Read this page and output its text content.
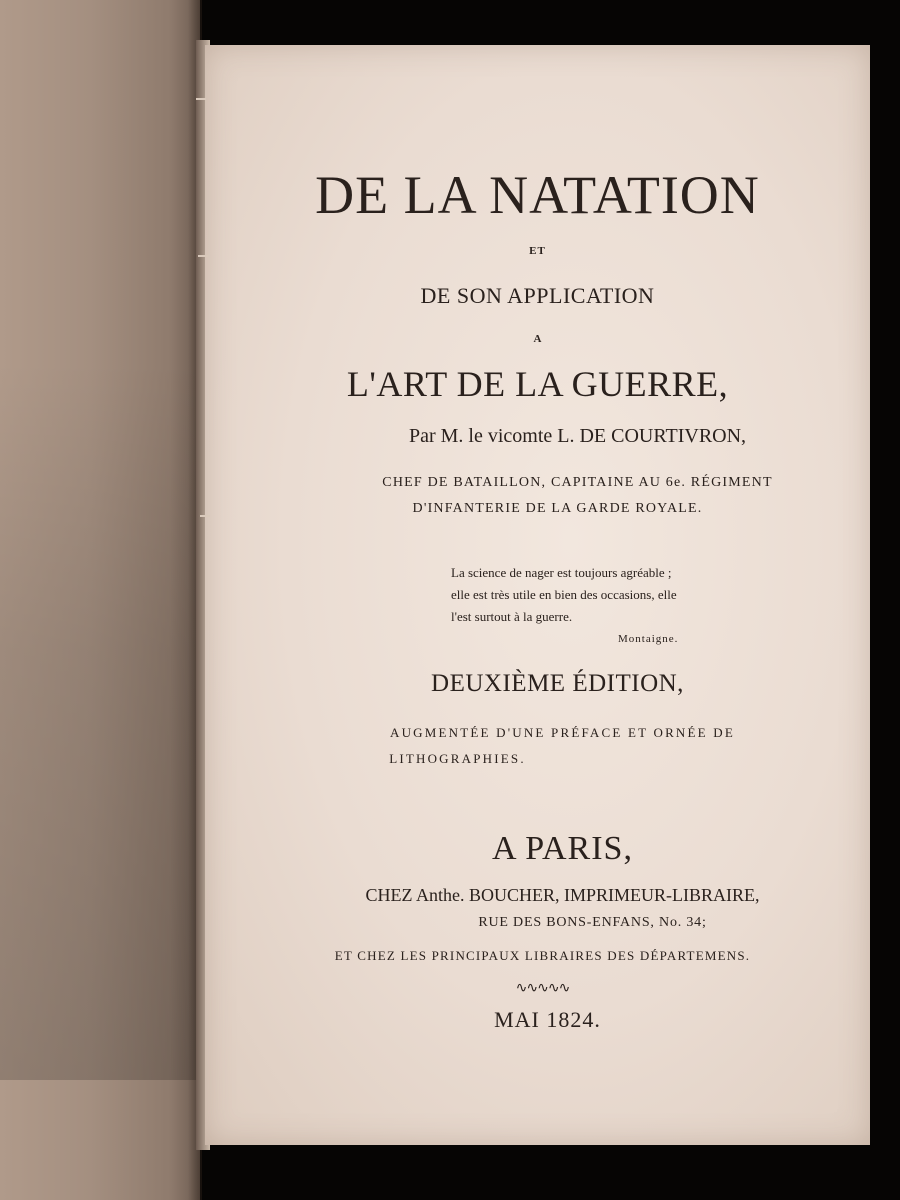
DE LA NATATION
ET
DE SON APPLICATION
A
L'ART DE LA GUERRE,
Par M. le vicomte L. DE COURTIVRON,
CHEF DE BATAILLON, CAPITAINE AU 6e. RÉGIMENT
D'INFANTERIE DE LA GARDE ROYALE.
La science de nager est toujours agréable ;
elle est très utile en bien des occasions, elle
l'est surtout à la guerre.
Montaigne.
DEUXIÈME ÉDITION,
AUGMENTÉE D'UNE PRÉFACE ET ORNÉE DE
LITHOGRAPHIES.
A PARIS,
CHEZ Anthe. BOUCHER, IMPRIMEUR-LIBRAIRE,
RUE DES BONS-ENFANS, No. 34;
ET CHEZ LES PRINCIPAUX LIBRAIRES DES DÉPARTEMENS.
∿∿∿∿∿
MAI 1824.
